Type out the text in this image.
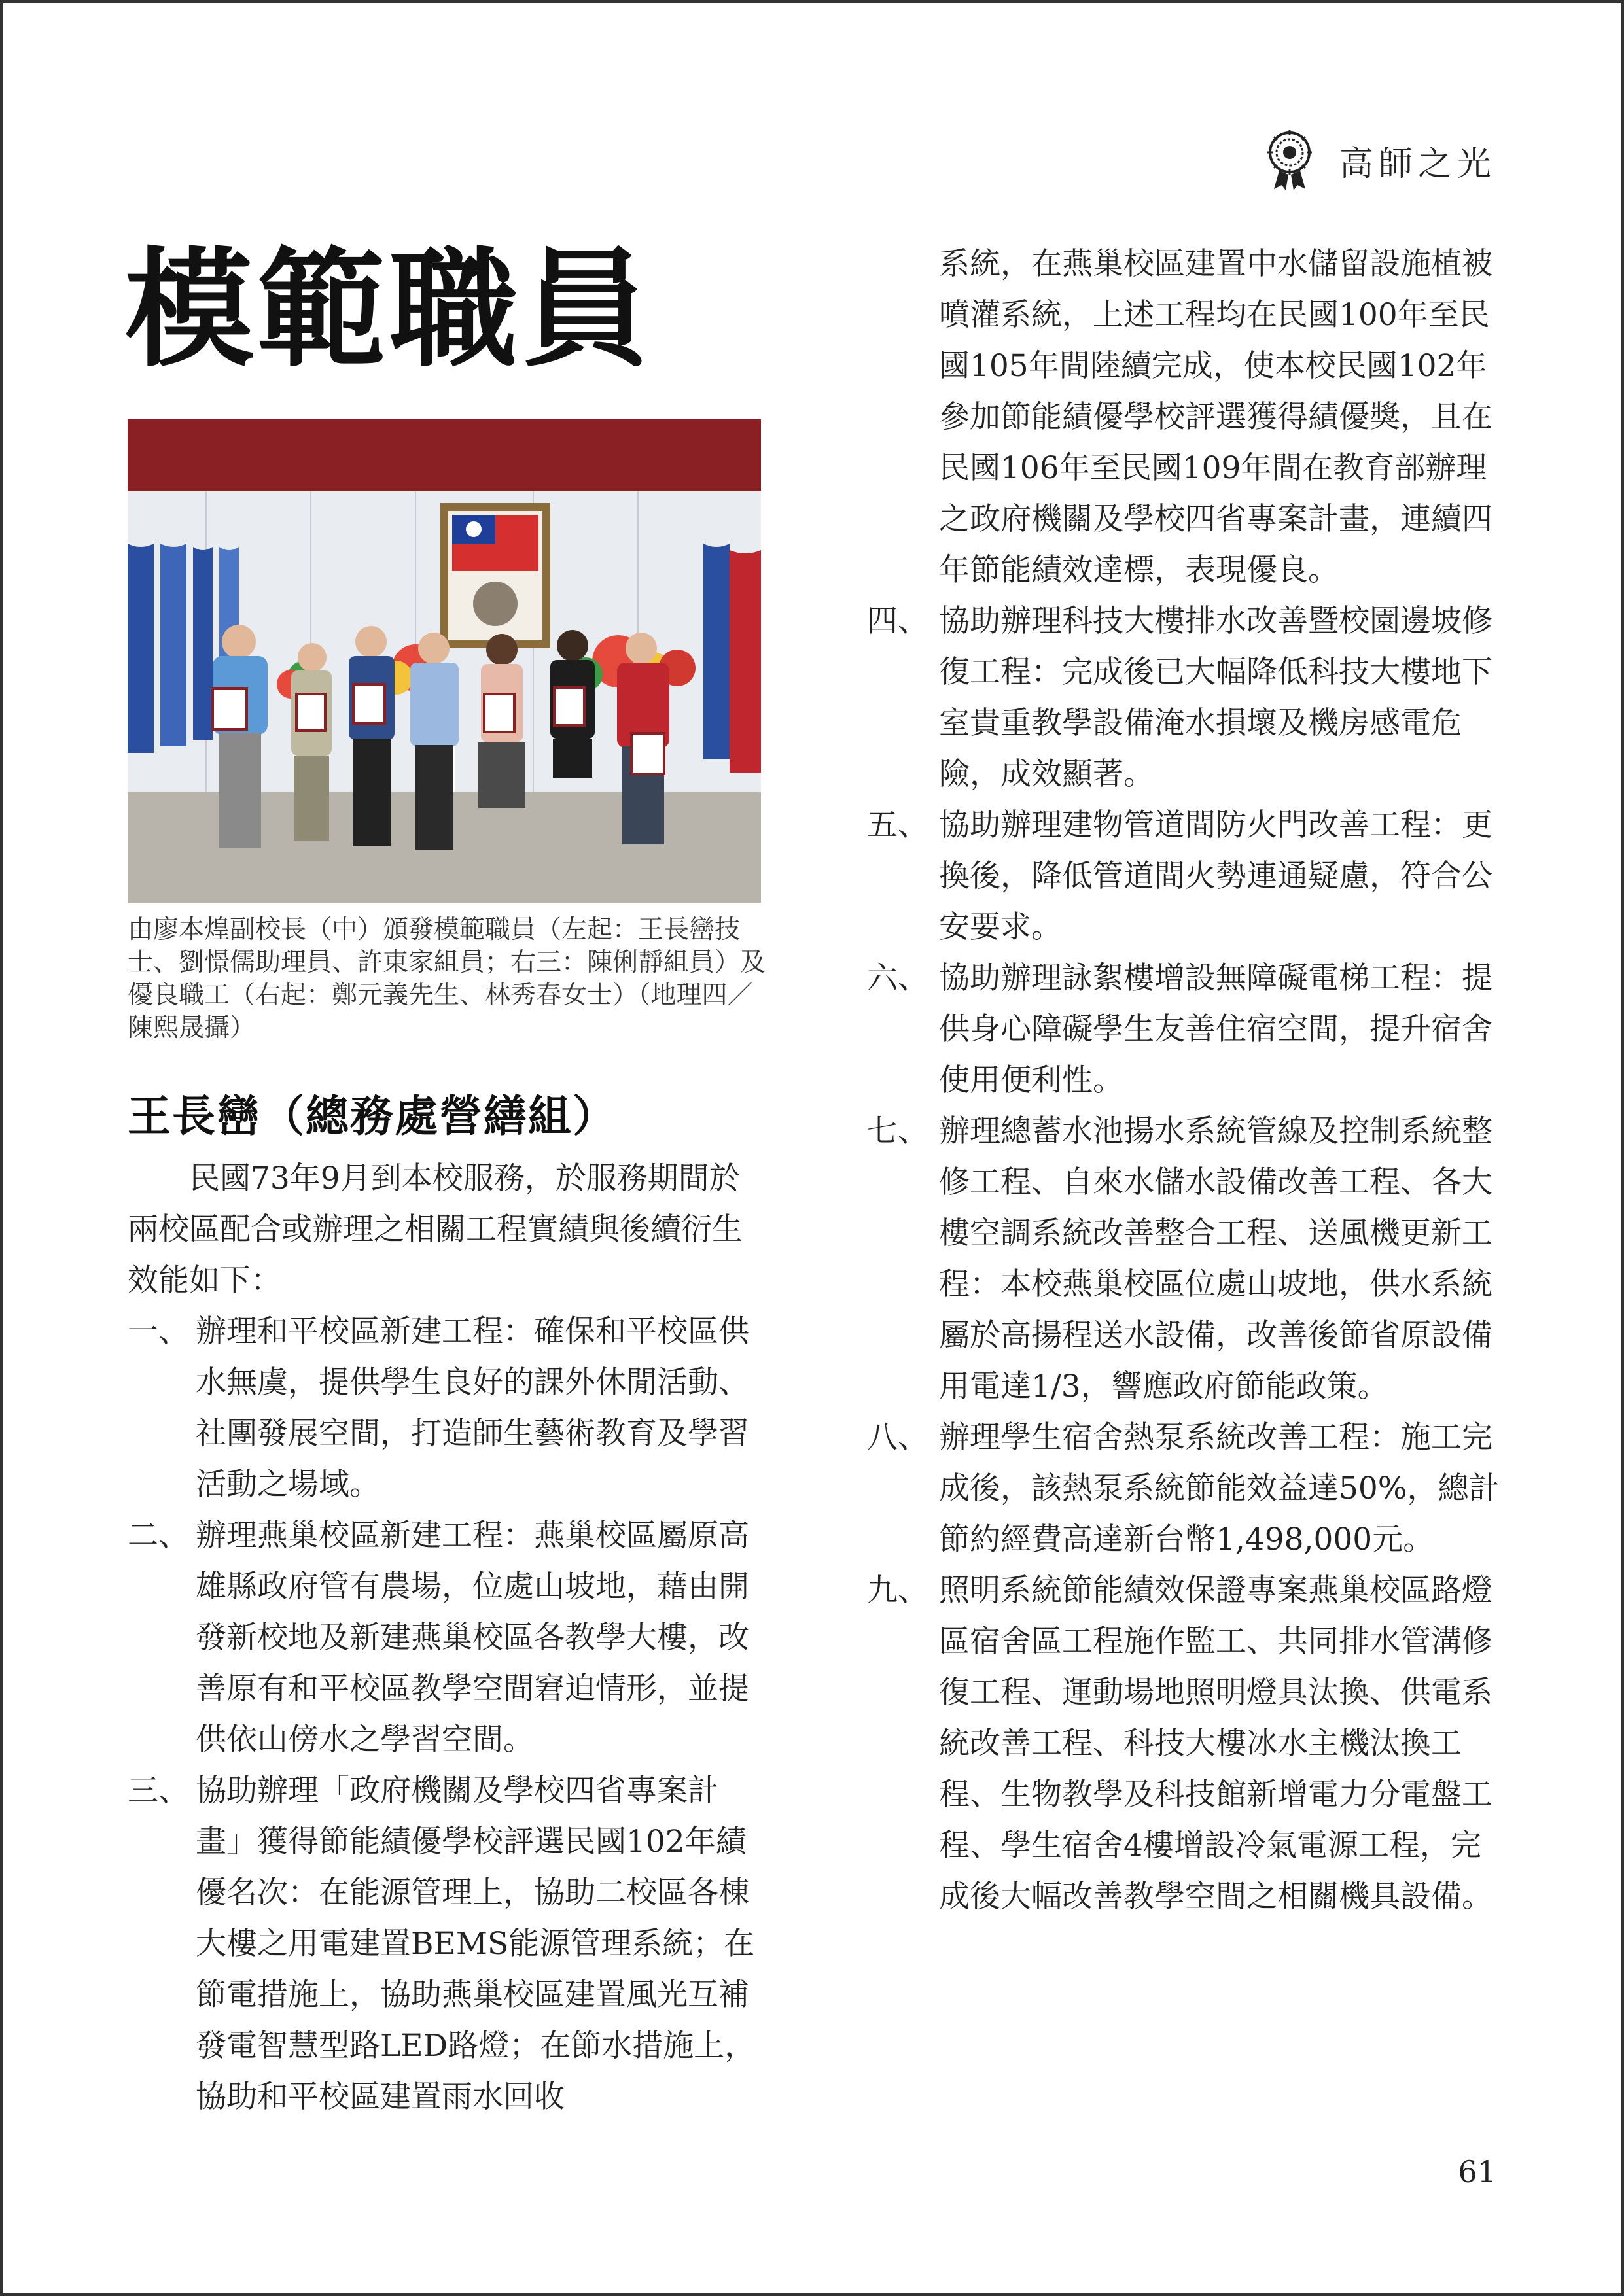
高師之光
模範職員

由廖本煌副校長（中）頒發模範職員（左起：王長巒技士、劉憬儒助理員、許東家組員；右三：陳俐靜組員）及優良職工（右起：鄭元義先生、林秀春女士）（地理四／陳熙晟攝）

王長巒（總務處營繕組）

民國73年9月到本校服務，於服務期間於兩校區配合或辦理之相關工程實績與後續衍生效能如下：

一、 辦理和平校區新建工程：確保和平校區供水無虞，提供學生良好的課外休閒活動、社團發展空間，打造師生藝術教育及學習活動之場域。
二、 辦理燕巢校區新建工程：燕巢校區屬原高雄縣政府管有農場，位處山坡地，藉由開發新校地及新建燕巢校區各教學大樓，改善原有和平校區教學空間窘迫情形，並提供依山傍水之學習空間。
三、 協助辦理「政府機關及學校四省專案計畫」獲得節能績優學校評選民國102年績優名次：在能源管理上，協助二校區各棟大樓之用電建置BEMS能源管理系統；在節電措施上，協助燕巢校區建置風光互補發電智慧型路LED路燈；在節水措施上，協助和平校區建置雨水回收

系統，在燕巢校區建置中水儲留設施植被噴灌系統，上述工程均在民國100年至民國105年間陸續完成，使本校民國102年參加節能績優學校評選獲得績優獎，且在民國106年至民國109年間在教育部辦理之政府機關及學校四省專案計畫，連續四年節能績效達標，表現優良。

四、 協助辦理科技大樓排水改善暨校園邊坡修復工程：完成後已大幅降低科技大樓地下室貴重教學設備淹水損壞及機房感電危險，成效顯著。
五、 協助辦理建物管道間防火門改善工程：更換後，降低管道間火勢連通疑慮，符合公安要求。
六、 協助辦理詠絮樓增設無障礙電梯工程：提供身心障礙學生友善住宿空間，提升宿舍使用便利性。
七、 辦理總蓄水池揚水系統管線及控制系統整修工程、自來水儲水設備改善工程、各大樓空調系統改善整合工程、送風機更新工程：本校燕巢校區位處山坡地，供水系統屬於高揚程送水設備，改善後節省原設備用電達1/3，響應政府節能政策。
八、 辦理學生宿舍熱泵系統改善工程：施工完成後，該熱泵系統節能效益達50%，總計節約經費高達新台幣1,498,000元。
九、 照明系統節能績效保證專案燕巢校區路燈區宿舍區工程施作監工、共同排水管溝修復工程、運動場地照明燈具汰換、供電系統改善工程、科技大樓冰水主機汰換工程、生物教學及科技館新增電力分電盤工程、學生宿舍4樓增設冷氣電源工程，完成後大幅改善教學空間之相關機具設備。
61
